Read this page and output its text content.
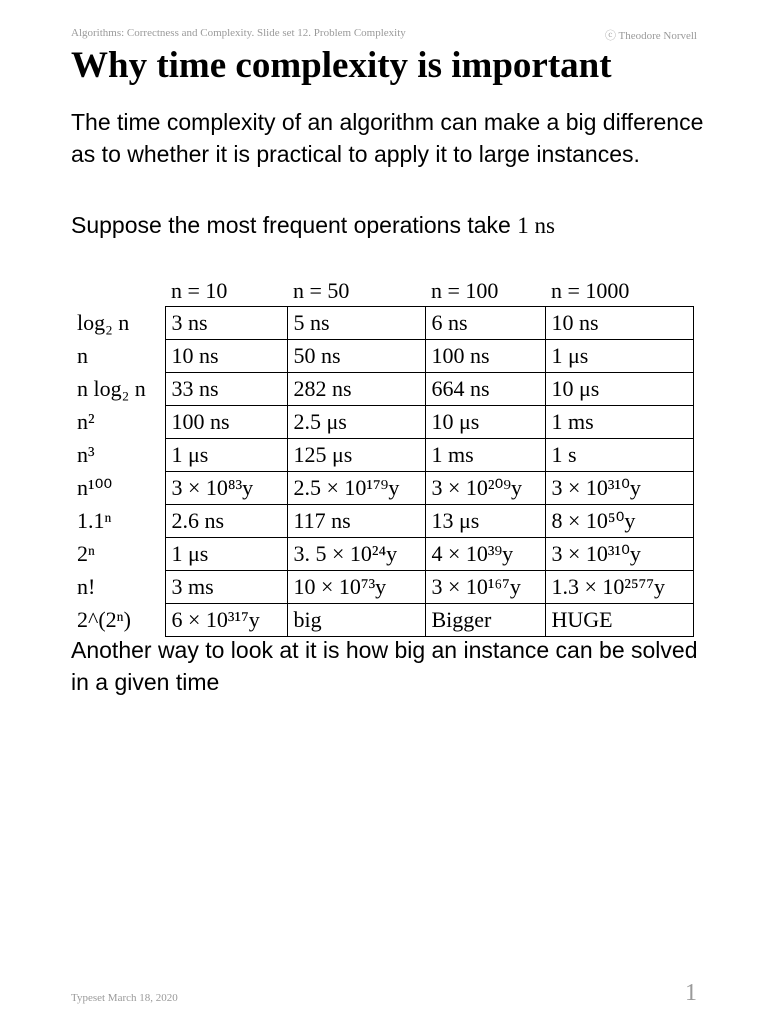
Algorithms: Correctness and Complexity. Slide set 12. Problem Complexity	ⓒ Theodore Norvell
Why time complexity is important

The time complexity of an algorithm can make a big difference as to whether it is practical to apply it to large instances.

Suppose the most frequent operations take 1 ns

	n = 10	n = 50	n = 100	n = 1000
log₂ n	3 ns	5 ns	6 ns	10 ns
n	10 ns	50 ns	100 ns	1 μs
n log₂ n	33 ns	282 ns	664 ns	10 μs
n²	100 ns	2.5 μs	10 μs	1 ms
n³	1 μs	125 μs	1 ms	1 s
n¹⁰⁰	3 × 10⁸³y	2.5 × 10¹⁷⁹y	3 × 10²⁰⁹y	3 × 10³¹⁰y
1.1ⁿ	2.6 ns	117 ns	13 μs	8 × 10⁵⁰y
2ⁿ	1 μs	3. 5 × 10²⁴y	4 × 10³⁹y	3 × 10³¹⁰y
n!	3 ms	10 × 10⁷³y	3 × 10¹⁶⁷y	1.3 × 10²⁵⁷⁷y
2^(2ⁿ)	6 × 10³¹⁷y	big	Bigger	HUGE

Another way to look at it is how big an instance can be solved in a given time

Typeset March 18, 2020	1
